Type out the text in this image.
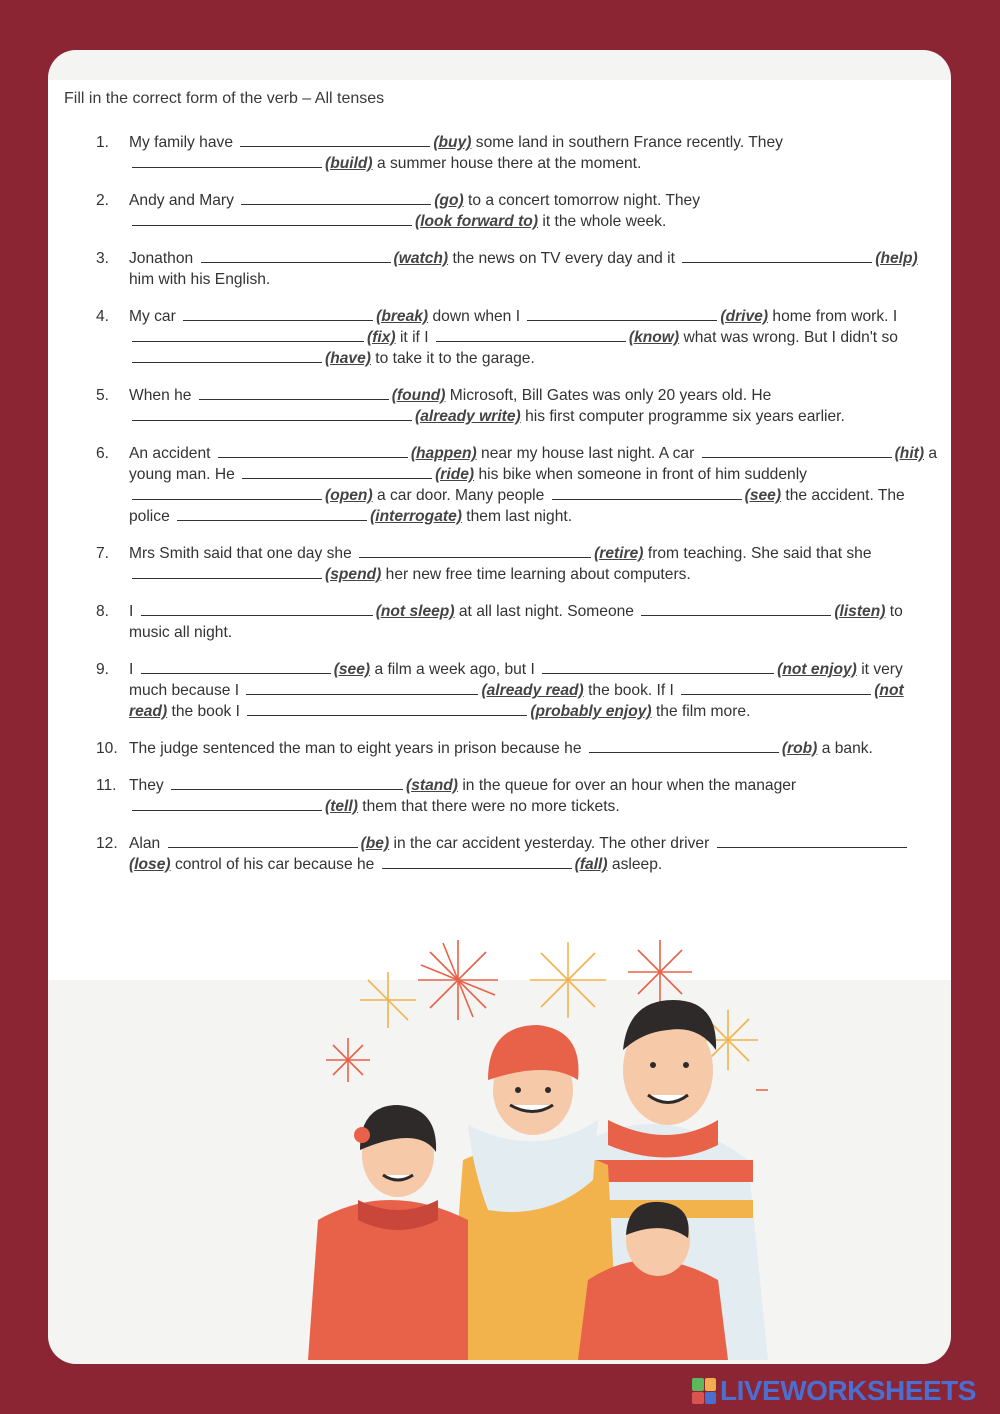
Fill in the correct form of the verb – All tenses
1. My family have	(buy) some land in southern France recently. They (build) a summer house there at the moment.
2. Andy and Mary	(go) to a concert tomorrow night. They (look forward to) it the whole week.
3. Jonathon	(watch) the news on TV every day and it	(help) him with his English.
4. My car	(break) down when I	(drive) home from work. I (fix) it if I	(know) what was wrong. But I didn't so (have) to take it to the garage.
5. When he	(found) Microsoft, Bill Gates was only 20 years old. He (already write) his first computer programme six years earlier.
6. An accident	(happen) near my house last night. A car	(hit) a young man. He	(ride) his bike when someone in front of him suddenly (open) a car door. Many people	(see) the accident. The police	(interrogate) them last night.
7. Mrs Smith said that one day she	(retire) from teaching. She said that she (spend) her new free time learning about computers.
8. I	(not sleep) at all last night. Someone	(listen) to music all night.
9. I	(see) a film a week ago, but I	(not enjoy) it very much because I	(already read) the book. If I	(not read) the book I	(probably enjoy) the film more.
10. The judge sentenced the man to eight years in prison because he	(rob) a bank.
11. They	(stand) in the queue for over an hour when the manager (tell) them that there were no more tickets.
12. Alan	(be) in the car accident yesterday. The other driver (lose) control of his car because he	(fall) asleep.
LIVEWORKSHEETS
